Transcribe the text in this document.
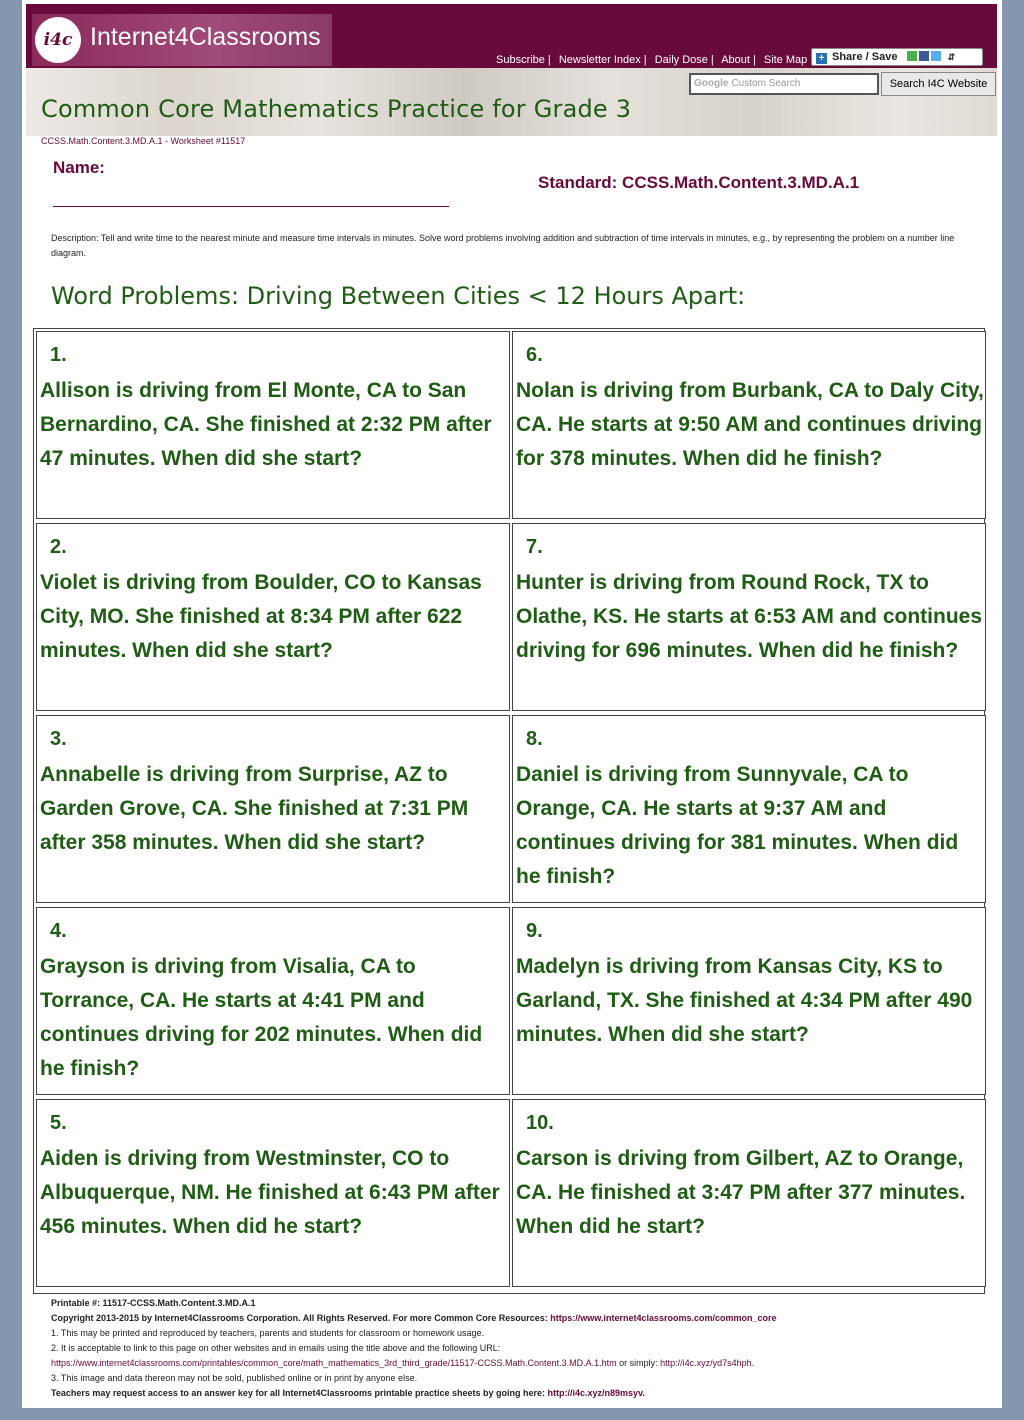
i4c Internet4Classrooms
Subscribe | Newsletter Index | Daily Dose | About | Site Map	+ Share / Save	⇵
Google Custom Search	Search I4C Website
Common Core Mathematics Practice for Grade 3
CCSS.Math.Content.3.MD.A.1 - Worksheet #11517
Name:
Standard: CCSS.Math.Content.3.MD.A.1
Description: Tell and write time to the nearest minute and measure time intervals in minutes. Solve word problems involving addition and subtraction of time intervals in minutes, e.g., by representing the problem on a number line diagram.
Word Problems: Driving Between Cities < 12 Hours Apart:
1.
Allison is driving from El Monte, CA to San Bernardino, CA. She finished at 2:32 PM after 47 minutes. When did she start?
2.
Violet is driving from Boulder, CO to Kansas City, MO. She finished at 8:34 PM after 622 minutes. When did she start?
3.
Annabelle is driving from Surprise, AZ to Garden Grove, CA. She finished at 7:31 PM after 358 minutes. When did she start?
4.
Grayson is driving from Visalia, CA to Torrance, CA. He starts at 4:41 PM and continues driving for 202 minutes. When did he finish?
5.
Aiden is driving from Westminster, CO to Albuquerque, NM. He finished at 6:43 PM after 456 minutes. When did he start?
6.
Nolan is driving from Burbank, CA to Daly City, CA. He starts at 9:50 AM and continues driving for 378 minutes. When did he finish?
7.
Hunter is driving from Round Rock, TX to Olathe, KS. He starts at 6:53 AM and continues driving for 696 minutes. When did he finish?
8.
Daniel is driving from Sunnyvale, CA to Orange, CA. He starts at 9:37 AM and continues driving for 381 minutes. When did he finish?
9.
Madelyn is driving from Kansas City, KS to Garland, TX. She finished at 4:34 PM after 490 minutes. When did she start?
10.
Carson is driving from Gilbert, AZ to Orange, CA. He finished at 3:47 PM after 377 minutes. When did he start?
Printable #: 11517-CCSS.Math.Content.3.MD.A.1
Copyright 2013-2015 by Internet4Classrooms Corporation. All Rights Reserved. For more Common Core Resources: https://www.internet4classrooms.com/common_core
1. This may be printed and reproduced by teachers, parents and students for classroom or homework usage.
2. It is acceptable to link to this page on other websites and in emails using the title above and the following URL:
https://www.internet4classrooms.com/printables/common_core/math_mathematics_3rd_third_grade/11517-CCSS.Math.Content.3.MD.A.1.htm or simply: http://i4c.xyz/yd7s4hph.
3. This image and data thereon may not be sold, published online or in print by anyone else.
Teachers may request access to an answer key for all Internet4Classrooms printable practice sheets by going here: http://i4c.xyz/n89msyv.
